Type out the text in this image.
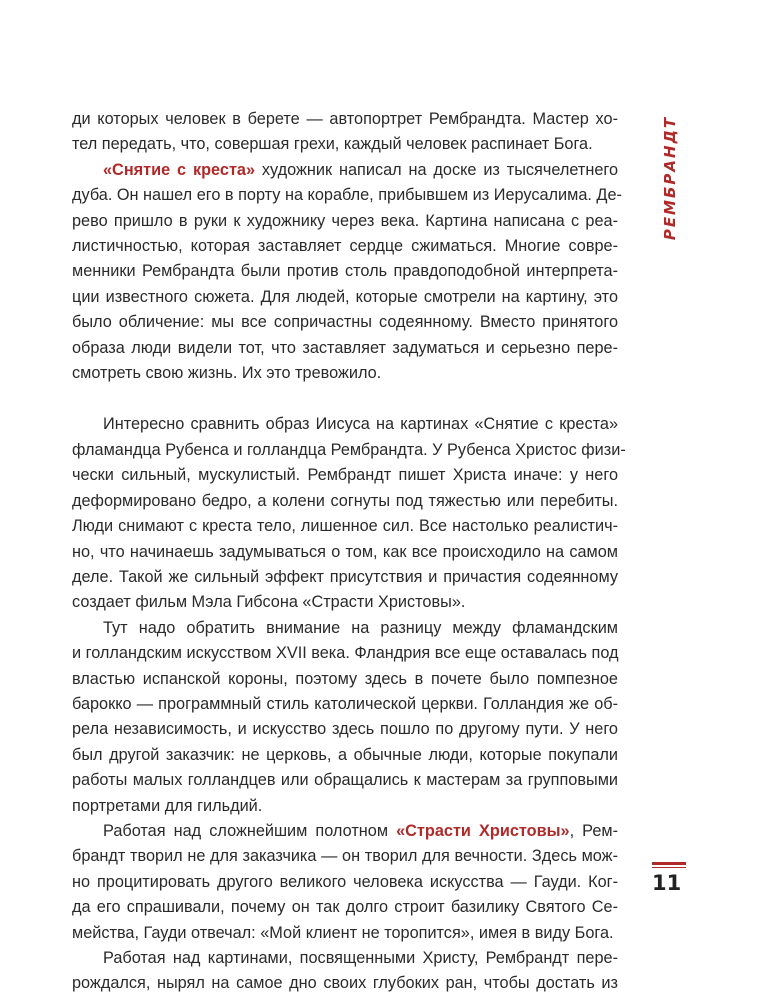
ди которых человек в берете — автопортрет Рембрандта. Мастер хо-
тел передать, что, совершая грехи, каждый человек распинает Бога.

«Снятие с креста» художник написал на доске из тысячелетнего
дуба. Он нашел его в порту на корабле, прибывшем из Иерусалима. Де-
рево пришло в руки к художнику через века. Картина написана с реа-
листичностью, которая заставляет сердце сжиматься. Многие совре-
менники Рембрандта были против столь правдоподобной интерпрета-
ции известного сюжета. Для людей, которые смотрели на картину, это
было обличение: мы все сопричастны содеянному. Вместо принятого
образа люди видели тот, что заставляет задуматься и серьезно пере-
смотреть свою жизнь. Их это тревожило.

Интересно сравнить образ Иисуса на картинах «Снятие с креста»
фламандца Рубенса и голландца Рембрандта. У Рубенса Христос физи-
чески сильный, мускулистый. Рембрандт пишет Христа иначе: у него
деформировано бедро, а колени согнуты под тяжестью или перебиты.
Люди снимают с креста тело, лишенное сил. Все настолько реалистич-
но, что начинаешь задумываться о том, как все происходило на самом
деле. Такой же сильный эффект присутствия и причастия содеянному
создает фильм Мэла Гибсона «Страсти Христовы».

Тут надо обратить внимание на разницу между фламандским
и голландским искусством XVII века. Фландрия все еще оставалась под
властью испанской короны, поэтому здесь в почете было помпезное
барокко — программный стиль католической церкви. Голландия же об-
рела независимость, и искусство здесь пошло по другому пути. У него
был другой заказчик: не церковь, а обычные люди, которые покупали
работы малых голландцев или обращались к мастерам за групповыми
портретами для гильдий.

Работая над сложнейшим полотном «Страсти Христовы», Рем-
брандт творил не для заказчика — он творил для вечности. Здесь мож-
но процитировать другого великого человека искусства — Гауди. Ког-
да его спрашивали, почему он так долго строит базилику Святого Се-
мейства, Гауди отвечал: «Мой клиент не торопится», имея в виду Бога.

Работая над картинами, посвященными Христу, Рембрандт пере-
рождался, нырял на самое дно своих глубоких ран, чтобы достать из

РЕМБРАНДТ
11
